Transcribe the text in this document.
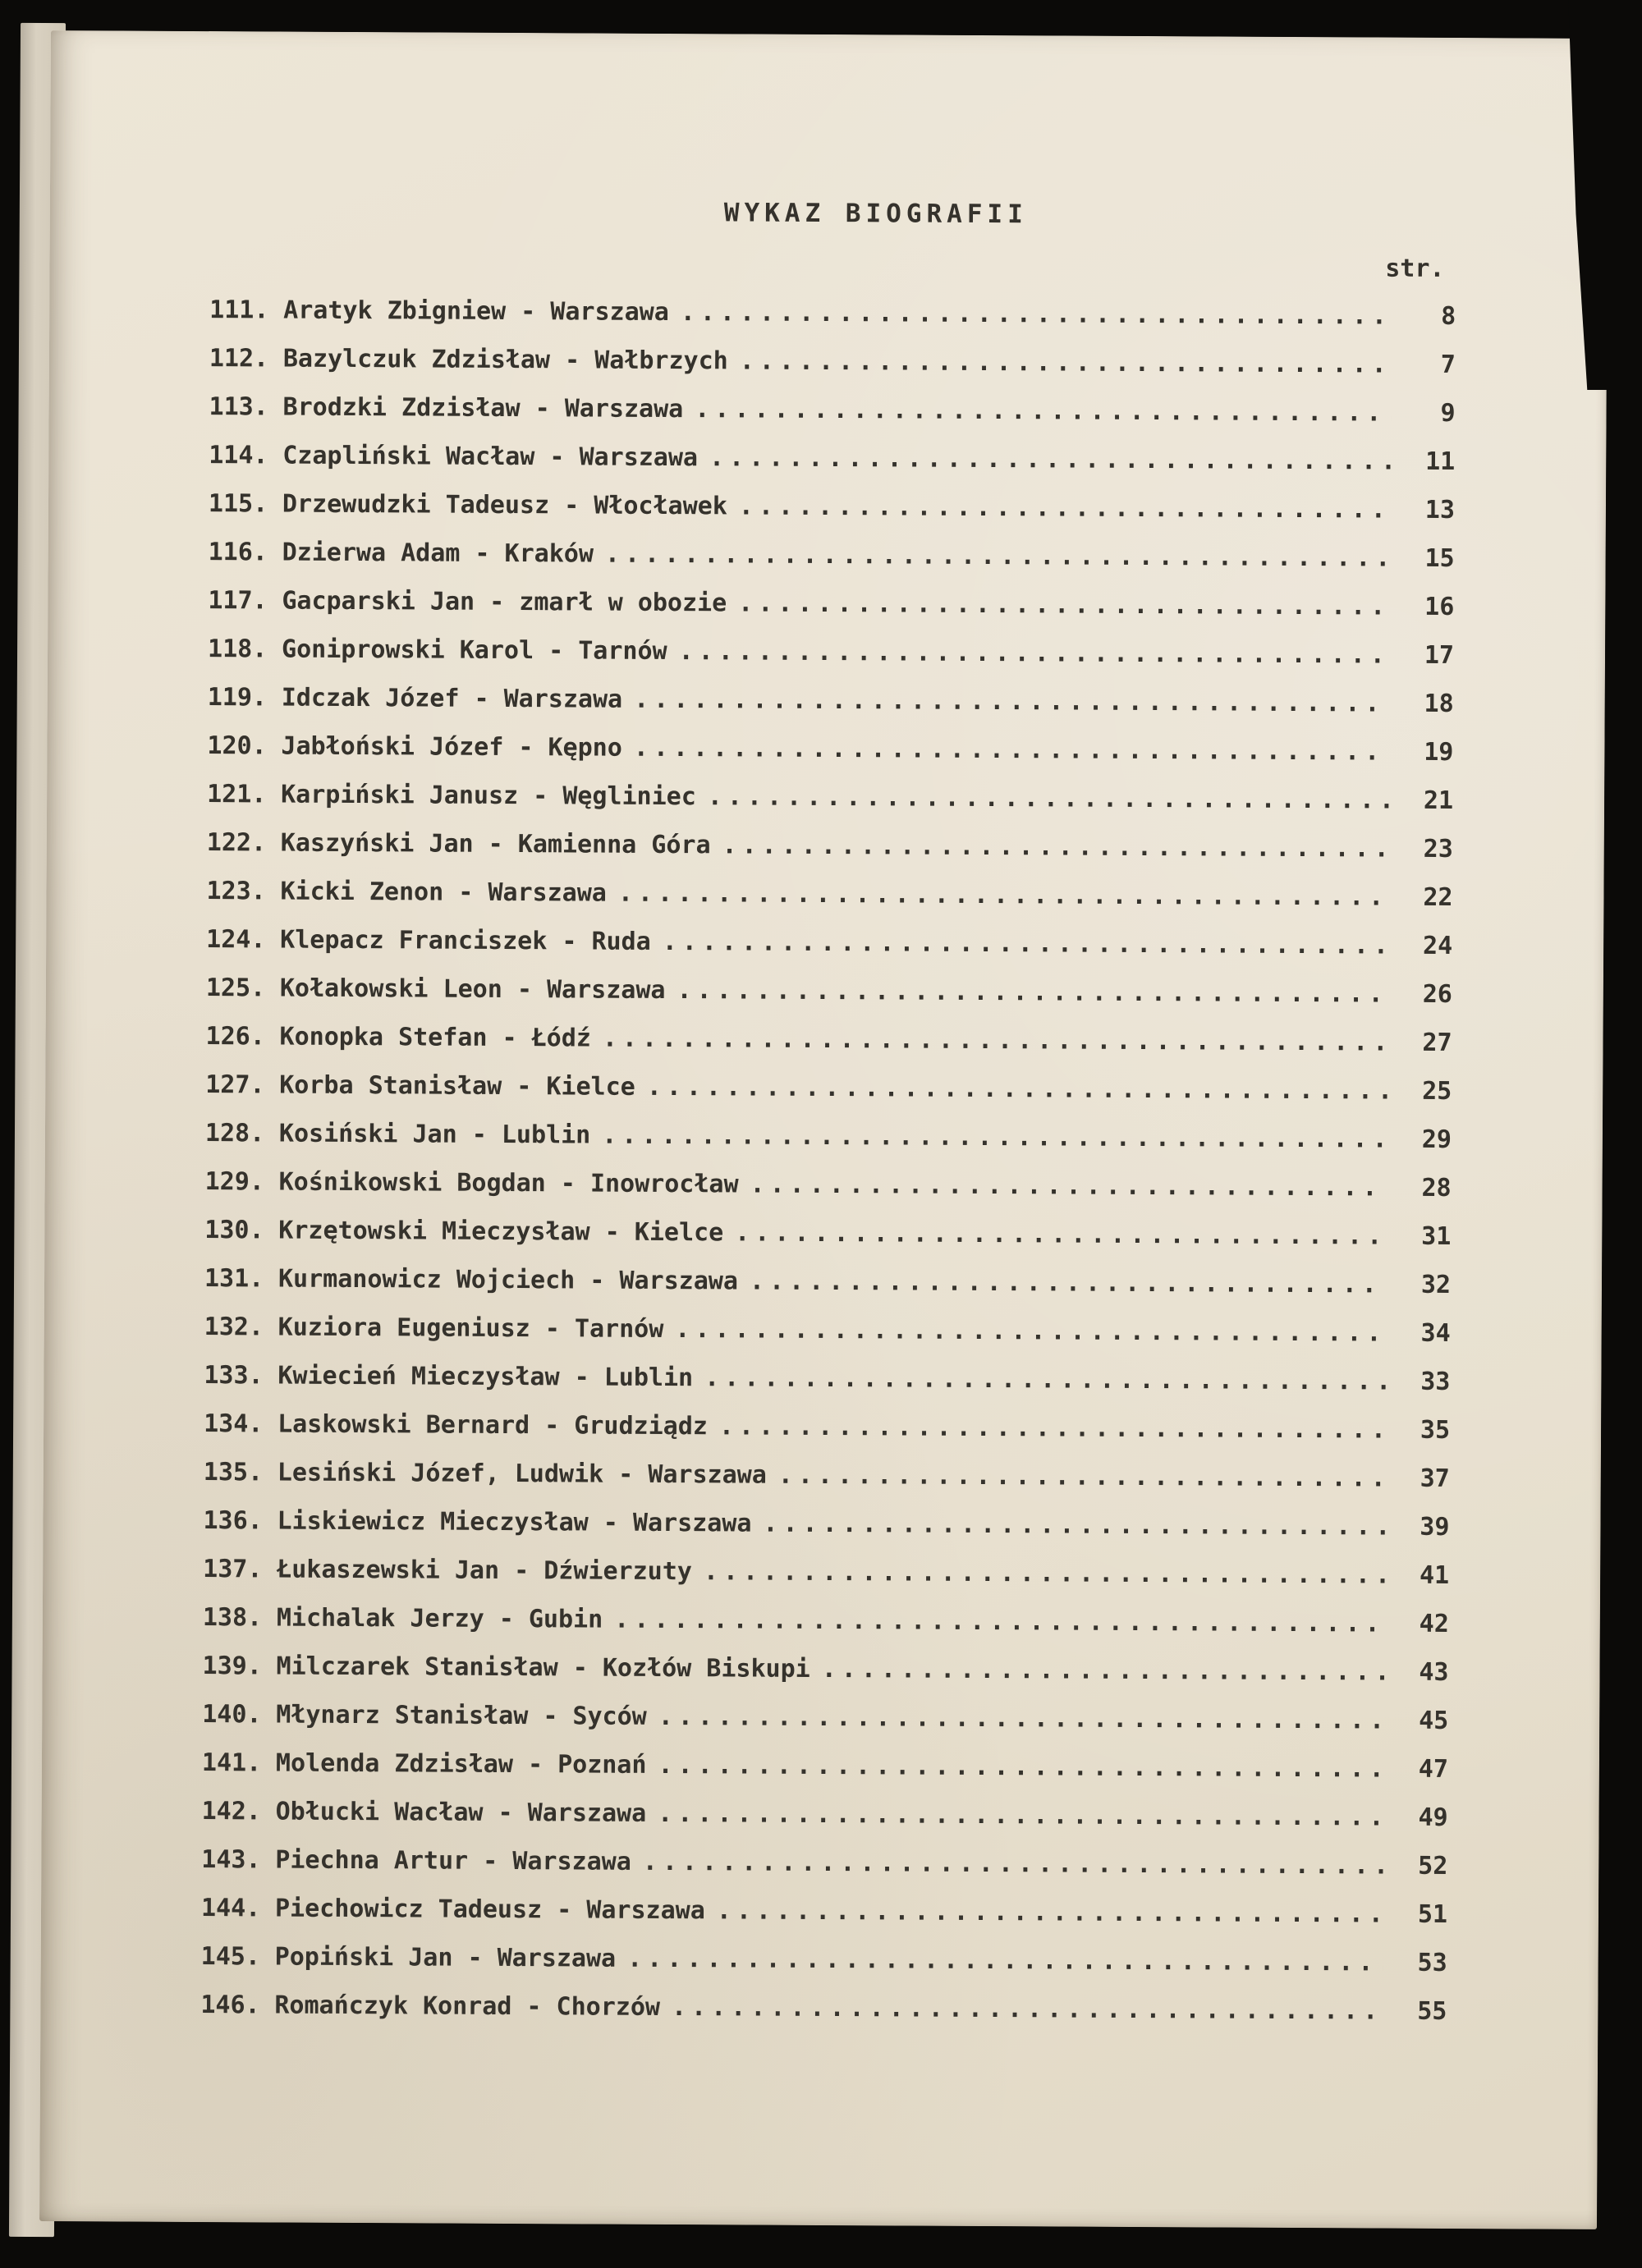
WYKAZ BIOGRAFII
str.
111. Aratyk Zbigniew - Warszawa .....	8
112. Bazylczuk Zdzisław - Wałbrzych .....	7
113. Brodzki Zdzisław - Warszawa .....	9
114. Czapliński Wacław - Warszawa .....	11
115. Drzewudzki Tadeusz - Włocławek .....	13
116. Dzierwa Adam - Kraków .....	15
117. Gacparski Jan - zmarł w obozie .....	16
118. Goniprowski Karol - Tarnów .....	17
119. Idczak Józef - Warszawa .....	18
120. Jabłoński Józef - Kępno .....	19
121. Karpiński Janusz - Węgliniec .....	21
122. Kaszyński Jan - Kamienna Góra .....	23
123. Kicki Zenon - Warszawa .....	22
124. Klepacz Franciszek - Ruda .....	24
125. Kołakowski Leon - Warszawa .....	26
126. Konopka Stefan - Łódź .....	27
127. Korba Stanisław - Kielce .....	25
128. Kosiński Jan - Lublin .....	29
129. Kośnikowski Bogdan - Inowrocław .....	28
130. Krzętowski Mieczysław - Kielce .....	31
131. Kurmanowicz Wojciech - Warszawa .....	32
132. Kuziora Eugeniusz - Tarnów .....	34
133. Kwiecień Mieczysław - Lublin .....	33
134. Laskowski Bernard - Grudziądz .....	35
135. Lesiński Józef, Ludwik - Warszawa .....	37
136. Liskiewicz Mieczysław - Warszawa .....	39
137. Łukaszewski Jan - Dźwierzuty .....	41
138. Michalak Jerzy - Gubin .....	42
139. Milczarek Stanisław - Kozłów Biskupi .....	43
140. Młynarz Stanisław - Syców .....	45
141. Molenda Zdzisław - Poznań .....	47
142. Obłucki Wacław - Warszawa .....	49
143. Piechna Artur - Warszawa .....	52
144. Piechowicz Tadeusz - Warszawa .....	51
145. Popiński Jan - Warszawa .....	53
146. Romańczyk Konrad - Chorzów .....	55
